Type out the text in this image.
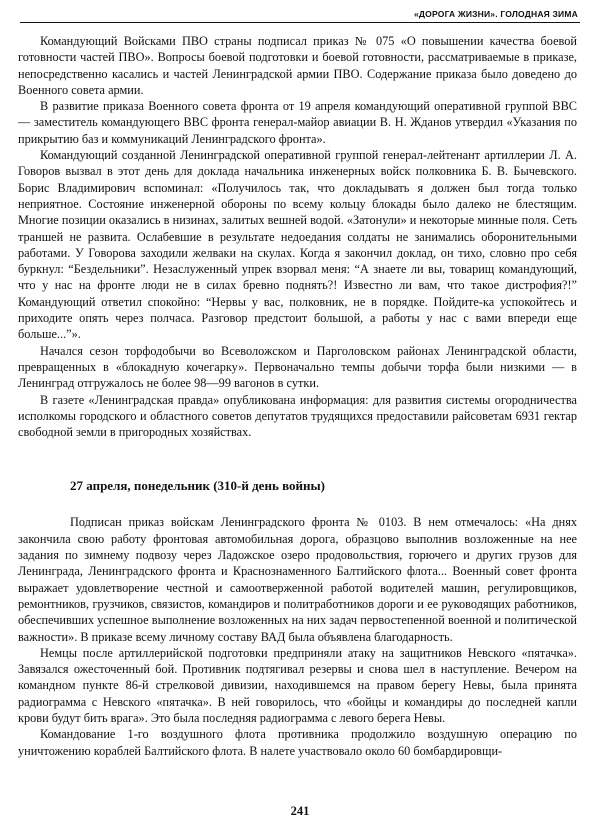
«ДОРОГА ЖИЗНИ». ГОЛОДНАЯ ЗИМА

Командующий Войсками ПВО страны подписал приказ № 075 «О повышении качества боевой готовности частей ПВО». Вопросы боевой подготовки и боевой готовности, рассматриваемые в приказе, непосредственно касались и частей Ленинградской армии ПВО. Содержание приказа было доведено до Военного совета армии.

В развитие приказа Военного совета фронта от 19 апреля командующий оперативной группой ВВС — заместитель командующего ВВС фронта генерал-майор авиации В. Н. Жданов утвердил «Указания по прикрытию баз и коммуникаций Ленинградского фронта».

Командующий созданной Ленинградской оперативной группой генерал-лейтенант артиллерии Л. А. Говоров вызвал в этот день для доклада начальника инженерных войск полковника Б. В. Бычевского. Борис Владимирович вспоминал: «Получилось так, что докладывать я должен был тогда только неприятное. Состояние инженерной обороны по всему кольцу блокады было далеко не блестящим. Многие позиции оказались в низинах, залитых вешней водой. «Затонули» и некоторые минные поля. Сеть траншей не развита. Ослабевшие в результате недоедания солдаты не занимались оборонительными работами. У Говорова заходили желваки на скулах. Когда я закончил доклад, он тихо, словно про себя буркнул: “Бездельники”. Незаслуженный упрек взорвал меня: “А знаете ли вы, товарищ командующий, что у нас на фронте люди не в силах бревно поднять?! Известно ли вам, что такое дистрофия?!” Командующий ответил спокойно: “Нервы у вас, полковник, не в порядке. Пойдите-ка успокойтесь и приходите опять через полчаса. Разговор предстоит большой, а работы у нас с вами впереди еще больше...”».

Начался сезон торфодобычи во Всеволожском и Парголовском районах Ленинградской области, превращенных в «блокадную кочегарку». Первоначально темпы добычи торфа были низкими — в Ленинград отгружалось не более 98—99 вагонов в сутки.

В газете «Ленинградская правда» опубликована информация: для развития системы огородничества исполкомы городского и областного советов депутатов трудящихся предоставили райсоветам 6931 гектар свободной земли в пригородных хозяйствах.

27 апреля, понедельник (310-й день войны)

Подписан приказ войскам Ленинградского фронта № 0103. В нем отмечалось: «На днях закончила свою работу фронтовая автомобильная дорога, образцово выполнив возложенные на нее задания по зимнему подвозу через Ладожское озеро продовольствия, горючего и других грузов для Ленинграда, Ленинградского фронта и Краснознаменного Балтийского флота... Военный совет фронта выражает удовлетворение честной и самоотверженной работой водителей машин, регулировщиков, ремонтников, грузчиков, связистов, командиров и политработников дороги и ее руководящих работников, обеспечивших успешное выполнение возложенных на них задач первостепенной военной и политической важности». В приказе всему личному составу ВАД была объявлена благодарность.

Немцы после артиллерийской подготовки предприняли атаку на защитников Невского «пятачка». Завязался ожесточенный бой. Противник подтягивал резервы и снова шел в наступление. Вечером на командном пункте 86-й стрелковой дивизии, находившемся на правом берегу Невы, была принята радиограмма с Невского «пятачка». В ней говорилось, что «бойцы и командиры до последней капли крови будут бить врага». Это была последняя радиограмма с левого берега Невы.

Командование 1-го воздушного флота противника продолжило воздушную операцию по уничтожению кораблей Балтийского флота. В налете участвовало около 60 бомбардировщи-

241
